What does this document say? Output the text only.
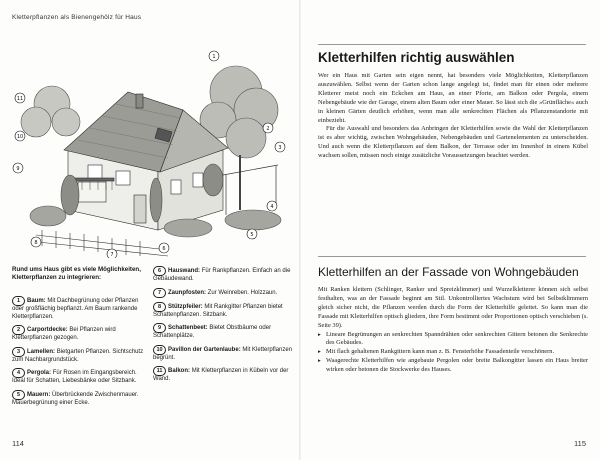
Kletterpflanzen als Bienengehölz für Haus
11
10
9
1
2
3
4
5
6
7
8
Rund ums Haus gibt es viele Möglichkeiten, Kletterpflanzen zu integrieren:
1 Baum: Mit Dachbegrünung oder Pflanzen oder großflächig bepflanzt. Am Baum rankende Kletterpflanzen.
2 Carportdecke: Bei Pflanzen wird Kletterpflanzen gezogen.
3 Lamellen: Bietgarten Pflanzen. Sichtschutz zum Nachbargrundstück.
4 Pergola: Für Rosen im Eingangsbereich. Ideal für Schatten, Liebesbänke oder Sitzbank.
5 Mauern: Überbrückende Zwischenmauer. Mauerbegrünung einer Ecke.
6 Hauswand: Für Rankpflanzen. Einfach an die Gebäudewand.
7 Zaunpfosten: Zur Weinreben. Holzzaun.
8 Stützpfeiler: Mit Rankgitter Pflanzen bietet Schattenpflanzen. Sitzbank.
9 Schattenbeet: Bietet Obstbäume oder Schattenplätze.
10 Pavillon der Gartenlaube: Mit Kletterpflanzen begrünt.
11 Balkon: Mit Kletterpflanzen in Kübeln vor der Wand.
114
Kletterhilfen richtig auswählen

Wer ein Haus mit Garten sein eigen nennt, hat besonders viele Möglichkeiten, Kletterpflanzen auszuwählen. Selbst wenn der Garten schon lange angelegt ist, findet man für einen oder mehrere Kletterer meist noch ein Eckchen am Haus, an einer Pforte, am Balkon oder Pergola, einem Nebengebäude wie der Garage, einem alten Baum oder einer Mauer. So lässt sich die »Grünfläche« auch in kleinen Gärten deutlich erhöhen, wenn man alle senkrechten Flächen als Pflanzenstandorte mit einbezieht.

Für die Auswahl und besonders das Anbringen der Kletterhilfen sowie die Wahl der Kletterpflanzen ist es aber wichtig, zwischen Wohngebäuden, Nebengebäuden und Gartenelementen zu unterscheiden. Und auch wenn die Kletterpflanzen auf dem Balkon, der Terrasse oder im Innenhof in einem Kübel wachsen sollen, müssen noch einige zusätzliche Voraussetzungen beachtet werden.

Kletterhilfen an der Fassade von Wohngebäuden

Mit Ranken klettern (Schlinger, Ranker und Spreizklimmer) und Wurzelkletterer können sich selbst festhalten, was an der Fassade beginnt am Stil. Unkontrolliertes Wachstum wird bei Selbstklimmern gleich sicher nicht, die Pflanzen werden durch die Form der Kletterhilfe geleitet. So kann man die Fassade mit Kletterhilfen optisch gliedern, ihre Form bestimmt oder Proportionen optisch verschieben (s. Seite 39).

▸ Lineare Begrünungen an senkrechten Spanndrähten oder senkrechten Gittern betonen die Senkrechte des Gebäudes.
▸ Mit flach gehaltenen Rankgittern kann man z. B. Fensterhöhe Fassadenteile verschönern.
▸ Waagerechte Kletterhilfen wie angebaute Pergolen oder breite Balkongitter lassen ein Haus breiter wirken oder betonen die Stockwerke des Hauses.
115
